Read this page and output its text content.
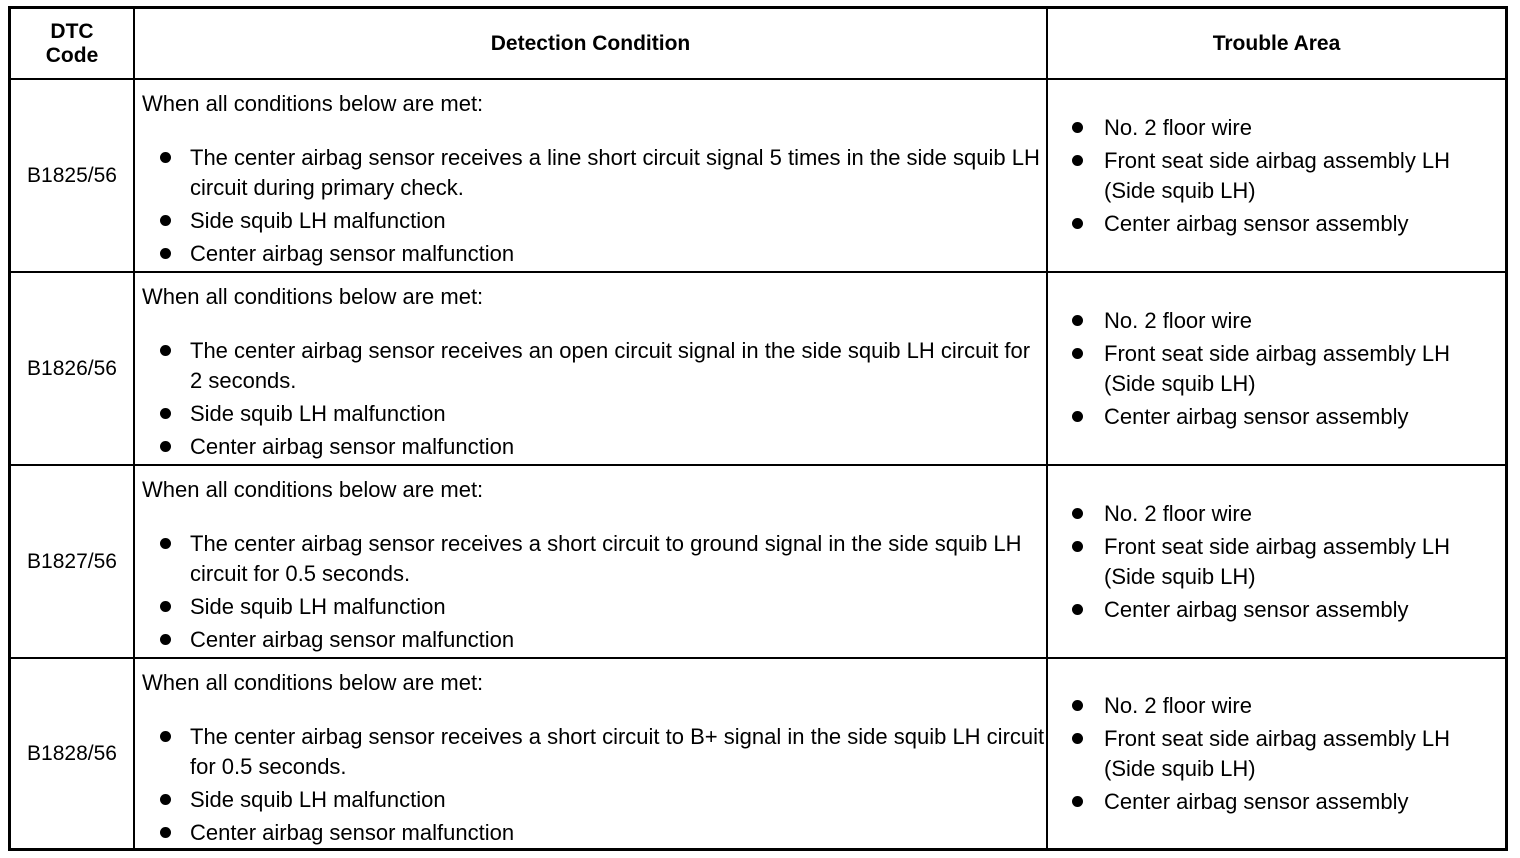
DTC Code
Detection Condition	Trouble Area
B1825/56
When all conditions below are met:
The center airbag sensor receives a line short circuit signal 5 times in the side squib LH circuit during primary check.
Side squib LH malfunction
Center airbag sensor malfunction
No. 2 floor wire
Front seat side airbag assembly LH (Side squib LH)
Center airbag sensor assembly
B1826/56
When all conditions below are met:
The center airbag sensor receives an open circuit signal in the side squib LH circuit for 2 seconds.
Side squib LH malfunction
Center airbag sensor malfunction
No. 2 floor wire
Front seat side airbag assembly LH (Side squib LH)
Center airbag sensor assembly
B1827/56
When all conditions below are met:
The center airbag sensor receives a short circuit to ground signal in the side squib LH circuit for 0.5 seconds.
Side squib LH malfunction
Center airbag sensor malfunction
No. 2 floor wire
Front seat side airbag assembly LH (Side squib LH)
Center airbag sensor assembly
B1828/56
When all conditions below are met:
The center airbag sensor receives a short circuit to B+ signal in the side squib LH circuit for 0.5 seconds.
Side squib LH malfunction
Center airbag sensor malfunction
No. 2 floor wire
Front seat side airbag assembly LH (Side squib LH)
Center airbag sensor assembly
